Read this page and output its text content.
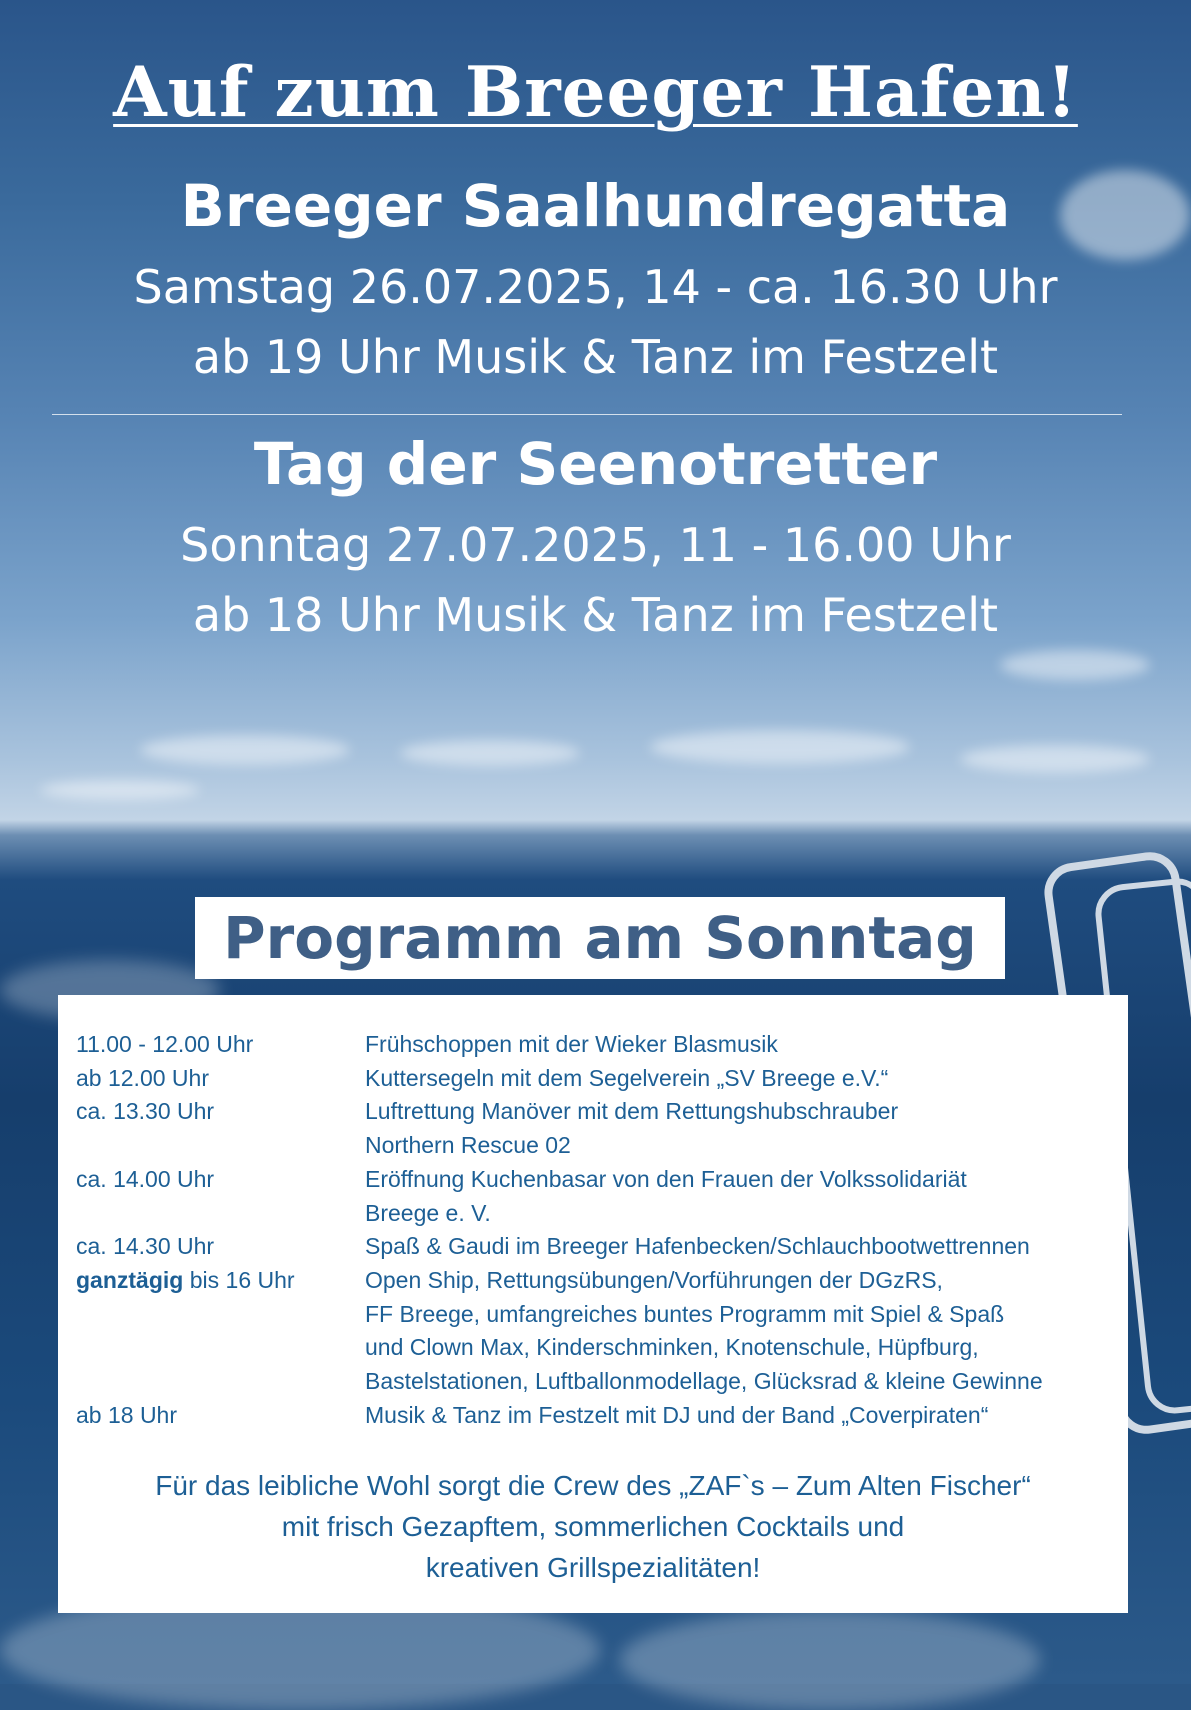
Auf zum Breeger Hafen!
Breeger Saalhundregatta
Samstag 26.07.2025, 14 - ca. 16.30 Uhr
ab 19 Uhr Musik & Tanz im Festzelt
Tag der Seenotretter
Sonntag 27.07.2025, 11 - 16.00 Uhr
ab 18 Uhr Musik & Tanz im Festzelt
Programm am Sonntag
11.00 - 12.00 Uhr	Frühschoppen mit der Wieker Blasmusik
ab 12.00 Uhr	Kuttersegeln mit dem Segelverein „SV Breege e.V.“
ca. 13.30 Uhr	Luftrettung Manöver mit dem Rettungshubschrauber
Northern Rescue 02
ca. 14.00 Uhr	Eröffnung Kuchenbasar von den Frauen der Volkssolidariät
Breege e. V.
ca. 14.30 Uhr	Spaß & Gaudi im Breeger Hafenbecken/Schlauchbootwettrennen
ganztägig bis 16 Uhr	Open Ship, Rettungsübungen/Vorführungen der DGzRS,
FF Breege, umfangreiches buntes Programm mit Spiel & Spaß
und Clown Max, Kinderschminken, Knotenschule, Hüpfburg,
Bastelstationen, Luftballonmodellage, Glücksrad & kleine Gewinne
ab 18 Uhr	Musik & Tanz im Festzelt mit DJ und der Band „Coverpiraten“
Für das leibliche Wohl sorgt die Crew des „ZAF`s – Zum Alten Fischer“
mit frisch Gezapftem, sommerlichen Cocktails und
kreativen Grillspezialitäten!
